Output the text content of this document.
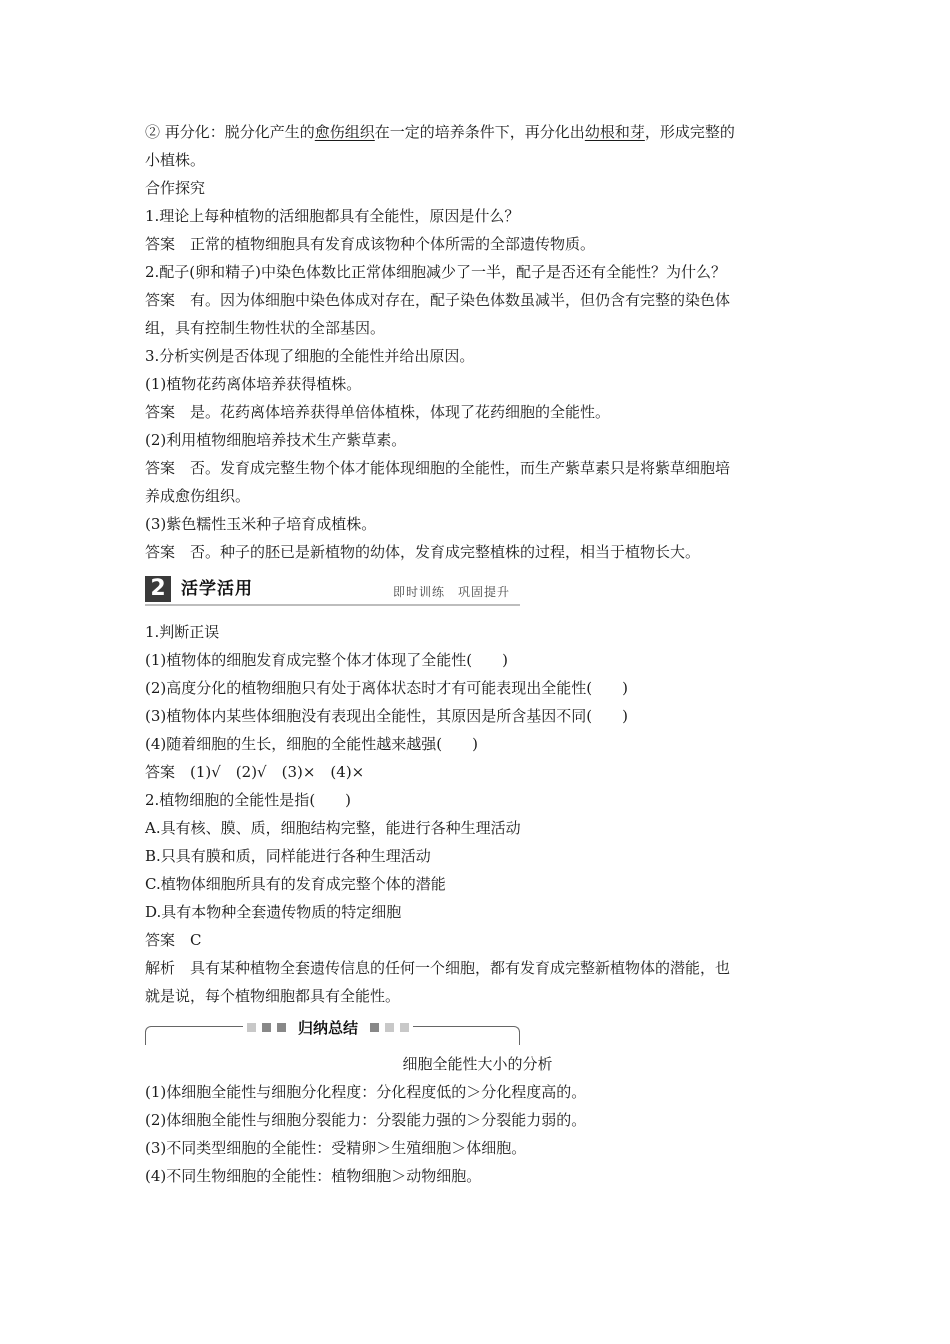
② 再分化：脱分化产生的愈伤组织在一定的培养条件下，再分化出幼根和芽，形成完整的
小植株。
合作探究
1.理论上每种植物的活细胞都具有全能性，原因是什么？
答案　正常的植物细胞具有发育成该物种个体所需的全部遗传物质。
2.配子(卵和精子)中染色体数比正常体细胞减少了一半，配子是否还有全能性？为什么？
答案　有。因为体细胞中染色体成对存在，配子染色体数虽减半，但仍含有完整的染色体
组，具有控制生物性状的全部基因。
3.分析实例是否体现了细胞的全能性并给出原因。
(1)植物花药离体培养获得植株。
答案　是。花药离体培养获得单倍体植株，体现了花药细胞的全能性。
(2)利用植物细胞培养技术生产紫草素。
答案　否。发育成完整生物个体才能体现细胞的全能性，而生产紫草素只是将紫草细胞培
养成愈伤组织。
(3)紫色糯性玉米种子培育成植株。
答案　否。种子的胚已是新植物的幼体，发育成完整植株的过程，相当于植物长大。
2 活学活用	即时训练　巩固提升
1.判断正误
(1)植物体的细胞发育成完整个体才体现了全能性(　　)
(2)高度分化的植物细胞只有处于离体状态时才有可能表现出全能性(　　)
(3)植物体内某些体细胞没有表现出全能性，其原因是所含基因不同(　　)
(4)随着细胞的生长，细胞的全能性越来越强(　　)
答案　(1)√　(2)√　(3)×　(4)×
2.植物细胞的全能性是指(　　)
A.具有核、膜、质，细胞结构完整，能进行各种生理活动
B.只具有膜和质，同样能进行各种生理活动
C.植物体细胞所具有的发育成完整个体的潜能
D.具有本物种全套遗传物质的特定细胞
答案　C
解析　具有某种植物全套遗传信息的任何一个细胞，都有发育成完整新植物体的潜能，也
就是说，每个植物细胞都具有全能性。
归纳总结
细胞全能性大小的分析
(1)体细胞全能性与细胞分化程度：分化程度低的＞分化程度高的。
(2)体细胞全能性与细胞分裂能力：分裂能力强的＞分裂能力弱的。
(3)不同类型细胞的全能性：受精卵＞生殖细胞＞体细胞。
(4)不同生物细胞的全能性：植物细胞＞动物细胞。
